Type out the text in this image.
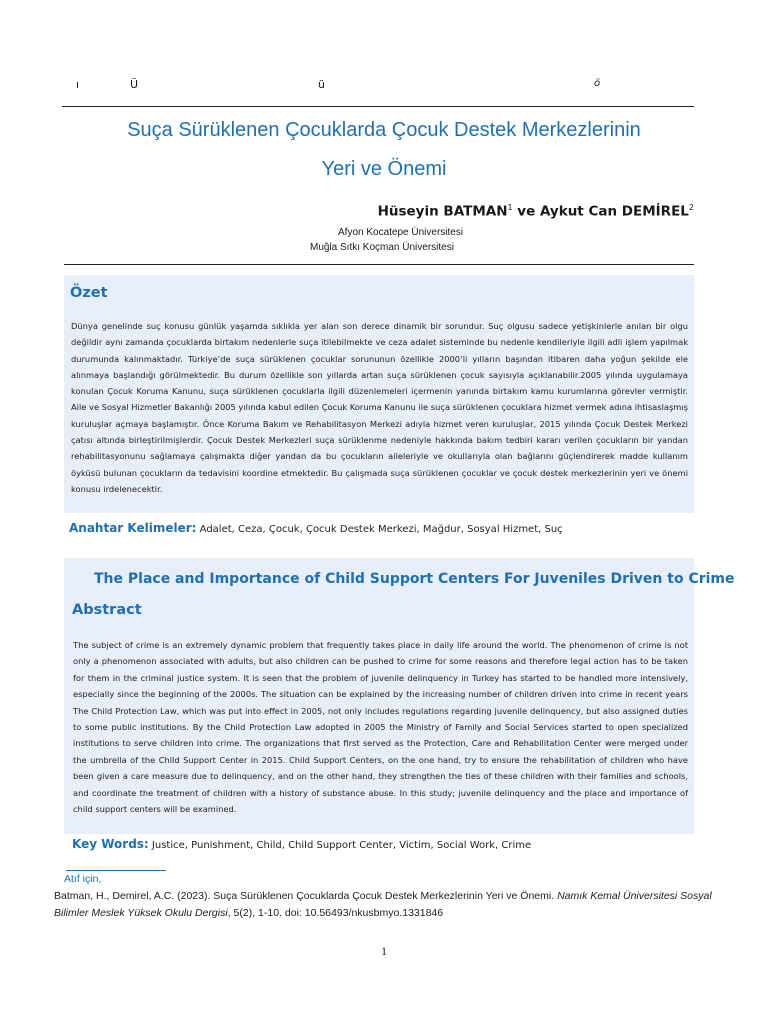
ı	Ü	ü	ö
Suça Sürüklenen Çocuklarda Çocuk Destek Merkezlerinin
Yeri ve Önemi
Hüseyin BATMAN$^1$ ve Aykut Can DEMİREL$^2$
Afyon Kocatepe Üniversitesi
Muğla Sıtkı Koçman Üniversitesi
Özet
Dünya genelinde suç konusu günlük yaşamda sıklıkla yer alan son derece dinamik bir sorundur. Suç olgusu sadece yetişkinlerle anılan bir olgu değildir aynı zamanda çocuklarda birtakım nedenlerle suça itilebilmekte ve ceza adalet sisteminde bu nedenle kendileriyle ilgili adli işlem yapılmak durumunda kalınmaktadır. Türkiye’de suça sürüklenen çocuklar sorununun özellikle 2000’li yılların başından itibaren daha yoğun şekilde ele alınmaya başlandığı görülmektedir. Bu durum özellikle son yıllarda artan suça sürüklenen çocuk sayısıyla açıklanabilir.2005 yılında uygulamaya konulan Çocuk Koruma Kanunu, suça sürüklenen çocuklarla ilgili düzenlemeleri içermenin yanında birtakım kamu kurumlarına görevler vermiştir. Aile ve Sosyal Hizmetler Bakanlığı 2005 yılında kabul edilen Çocuk Koruma Kanunu ile suça sürüklenen çocuklara hizmet vermek adına ihtisaslaşmış kuruluşlar açmaya başlamıştır. Önce Koruma Bakım ve Rehabilitasyon Merkezi adıyla hizmet veren kuruluşlar, 2015 yılında Çocuk Destek Merkezi çatısı altında birleştirilmişlerdir. Çocuk Destek Merkezleri suça sürüklenme nedeniyle hakkında bakım tedbiri kararı verilen çocukların bir yandan rehabilitasyonunu sağlamaya çalışmakta diğer yandan da bu çocukların aileleriyle ve okullarıyla olan bağlarını güçlendirerek madde kullanım öyküsü bulunan çocukların da tedavisini koordine etmektedir. Bu çalışmada suça sürüklenen çocuklar ve çocuk destek merkezlerinin yeri ve önemi konusu irdelenecektir.
Anahtar Kelimeler: Adalet, Ceza, Çocuk, Çocuk Destek Merkezi, Mağdur, Sosyal Hizmet, Suç
The Place and Importance of Child Support Centers For Juveniles Driven to Crime
Abstract
The subject of crime is an extremely dynamic problem that frequently takes place in daily life around the world. The phenomenon of crime is not only a phenomenon associated with adults, but also children can be pushed to crime for some reasons and therefore legal action has to be taken for them in the criminal justice system. It is seen that the problem of juvenile delinquency in Turkey has started to be handled more intensively, especially since the beginning of the 2000s. The situation can be explained by the increasing number of children driven into crime in recent years The Child Protection Law, which was put into effect in 2005, not only includes regulations regarding juvenile delinquency, but also assigned duties to some public institutions. By the Child Protection Law adopted in 2005 the Ministry of Family and Social Services started to open specialized institutions to serve children into crime. The organizations that first served as the Protection, Care and Rehabilitation Center were merged under the umbrella of the Child Support Center in 2015. Child Support Centers, on the one hand, try to ensure the rehabilitation of children who have been given a care measure due to delinquency, and on the other hand, they strengthen the ties of these children with their families and schools, and coordinate the treatment of children with a history of substance abuse. In this study; juvenile delinquency and the place and importance of child support centers will be examined.
Key Words: Justice, Punishment, Child, Child Support Center, Victim, Social Work, Crime
Atıf için,
Batman, H., Demirel, A.C. (2023). Suça Sürüklenen Çocuklarda Çocuk Destek Merkezlerinin Yeri ve Önemi. Namık Kemal Üniversitesi Sosyal Bilimler Meslek Yüksek Okulu Dergisi, 5(2), 1-10. doi: 10.56493/nkusbmyo.1331846
1
